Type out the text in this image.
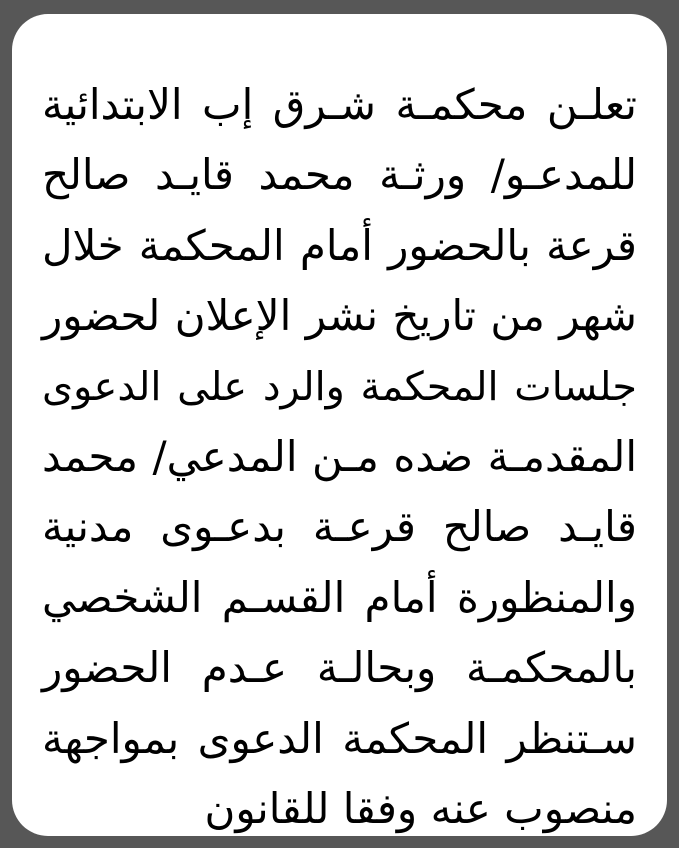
تعلـن محكمـة شـرق إب الابتدائية
للمدعـو/ ورثـة محمد قايـد صالح
قرعة بالحضور أمام المحكمة خلال
شهر من تاريخ نشر الإعلان لحضور
جلسات المحكمة والرد على الدعوى
المقدمـة ضده مـن المدعي/ محمد
قايـد صالح قرعـة بدعـوى مدنية
والمنظورة أمام القسـم الشخصي
بالمحكمـة وبحالـة عـدم الحضور
سـتنظر المحكمة الدعوى بمواجهة
منصوب عنه وفقا للقانون
